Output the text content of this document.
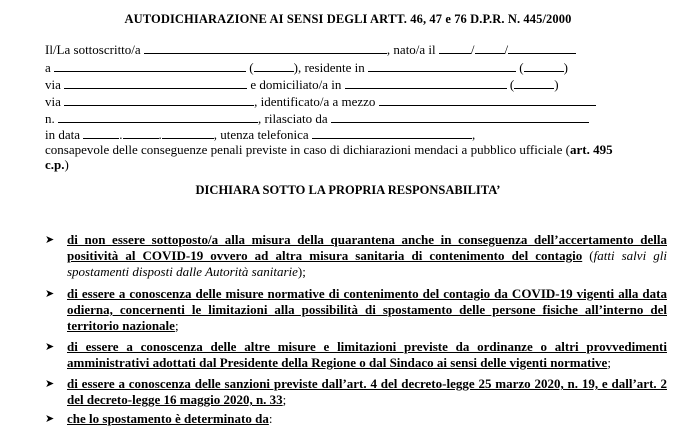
AUTODICHIARAZIONE AI SENSI DEGLI ARTT. 46, 47 e 76 D.P.R. N. 445/2000
Il/La sottoscritto/a	, nato/a il	/ /
a	(	), residente in	(	)
via	e domiciliato/a in	(	)
via	, identificato/a a mezzo
n.	, rilasciato da
in data	.	.	, utenza telefonica	,
consapevole delle conseguenze penali previste in caso di dichiarazioni mendaci a pubblico ufficiale (art. 495
c.p.)
DICHIARA SOTTO LA PROPRIA RESPONSABILITA’
➤ di non essere sottoposto/a alla misura della quarantena anche in conseguenza dell’accertamento della positività al COVID-19 ovvero ad altra misura sanitaria di contenimento del contagio (fatti salvi gli spostamenti disposti dalle Autorità sanitarie);
➤ di essere a conoscenza delle misure normative di contenimento del contagio da COVID-19 vigenti alla data odierna, concernenti le limitazioni alla possibilità di spostamento delle persone fisiche all’interno del territorio nazionale;
➤ di essere a conoscenza delle altre misure e limitazioni previste da ordinanze o altri provvedimenti amministrativi adottati dal Presidente della Regione o dal Sindaco ai sensi delle vigenti normative;
➤ di essere a conoscenza delle sanzioni previste dall’art. 4 del decreto-legge 25 marzo 2020, n. 19, e dall’art. 2 del decreto-legge 16 maggio 2020, n. 33;
➤ che lo spostamento è determinato da:
